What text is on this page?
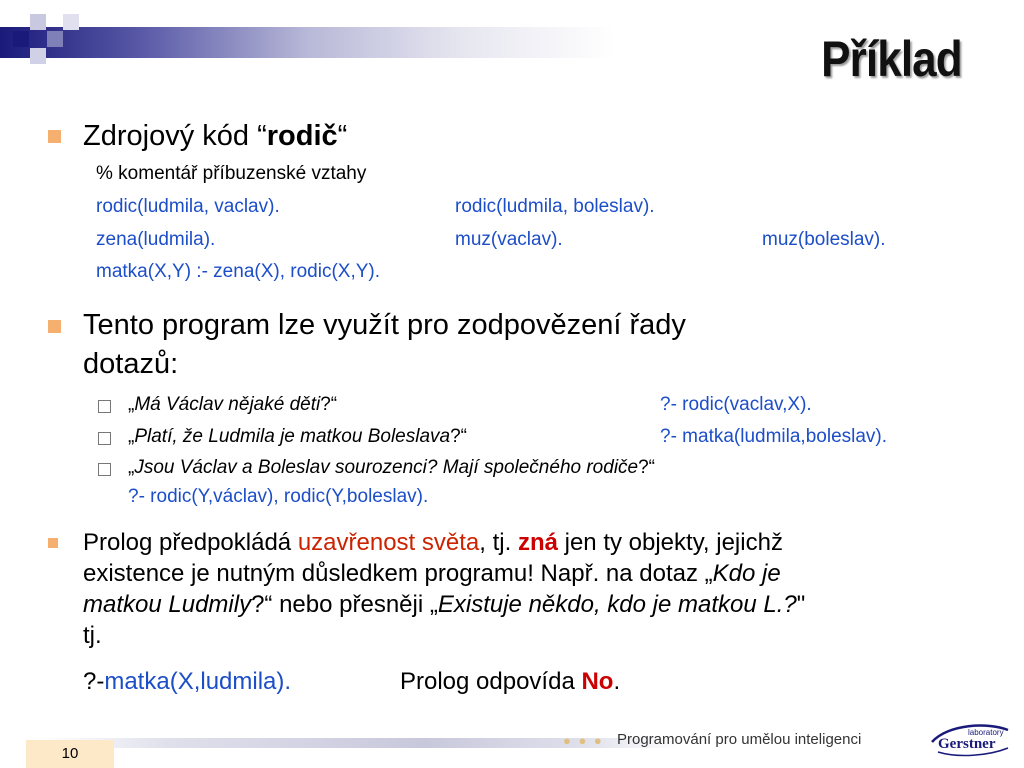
Příklad
Zdrojový kód “rodič“
% komentář příbuzenské vztahy
rodic(ludmila, vaclav).	rodic(ludmila, boleslav).
zena(ludmila).	muz(vaclav).	muz(boleslav).
matka(X,Y) :- zena(X), rodic(X,Y).
Tento program lze využít pro zodpovězení řady
dotazů:
„Má Václav nějaké děti?“	?- rodic(vaclav,X).
„Platí, že Ludmila je matkou Boleslava?“	?- matka(ludmila,boleslav).
„Jsou Václav a Boleslav sourozenci? Mají společného rodiče?“
?- rodic(Y,václav), rodic(Y,boleslav).
Prolog předpokládá uzavřenost světa, tj. zná jen ty objekty, jejichž
existence je nutným důsledkem programu! Např. na dotaz „Kdo je
matkou Ludmily?“ nebo přesněji „Existuje někdo, kdo je matkou L.?"
tj.
?-matka(X,ludmila).	Prolog odpovída No.
10
● ● ● Programování pro umělou inteligenci	laboratory
Gerstner
